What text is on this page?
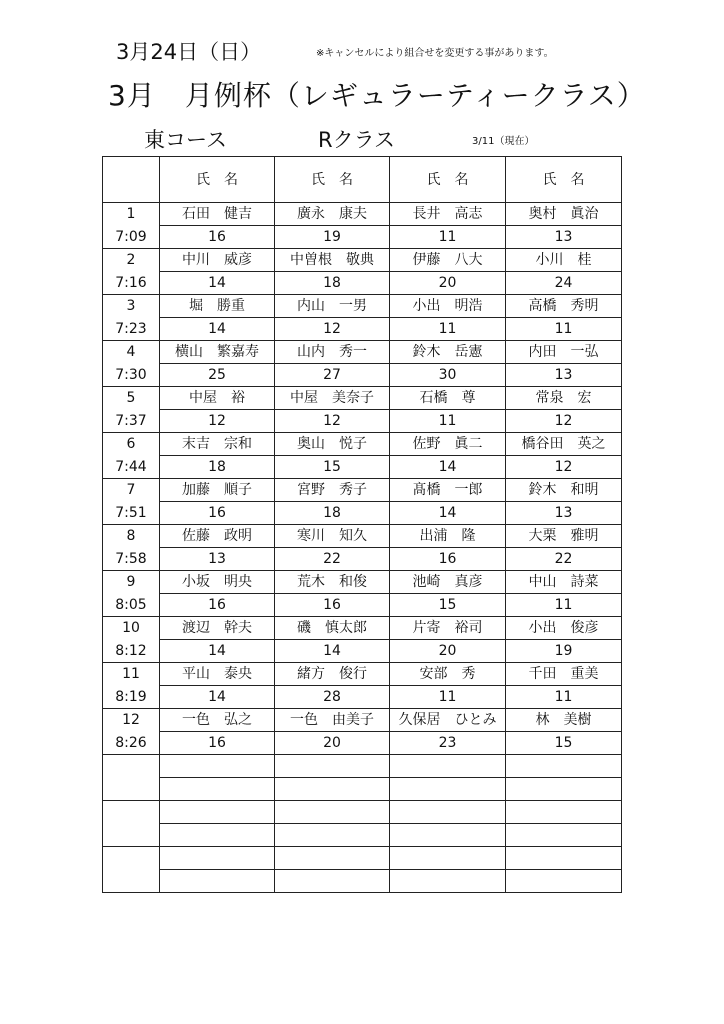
3月24日（日）	※キャンセルにより組合せを変更する事があります。
3月　月例杯（レギュラーティークラス）
東コース	Rクラス	3/11（現在）
	氏　名	氏　名	氏　名	氏　名
1	石田　健吉	廣永　康夫	長井　高志	奥村　眞治
7:09	16	19	11	13
2	中川　威彦	中曽根　敬典	伊藤　八大	小川　桂
7:16	14	18	20	24
3	堀　勝重	内山　一男	小出　明浩	高橋　秀明
7:23	14	12	11	11
4	横山　繁嘉寿	山内　秀一	鈴木　岳憲	内田　一弘
7:30	25	27	30	13
5	中屋　裕	中屋　美奈子	石橋　尊	常泉　宏
7:37	12	12	11	12
6	末吉　宗和	奥山　悦子	佐野　眞二	橋谷田　英之
7:44	18	15	14	12
7	加藤　順子	宮野　秀子	髙橋　一郎	鈴木　和明
7:51	16	18	14	13
8	佐藤　政明	寒川　知久	出浦　隆	大栗　雅明
7:58	13	22	16	22
9	小坂　明央	荒木　和俊	池崎　真彦	中山　詩菜
8:05	16	16	15	11
10	渡辺　幹夫	磯　慎太郎	片寄　裕司	小出　俊彦
8:12	14	14	20	19
11	平山　泰央	緒方　俊行	安部　秀	千田　重美
8:19	14	28	11	11
12	一色　弘之	一色　由美子	久保居　ひとみ	林　美樹
8:26	16	20	23	15
